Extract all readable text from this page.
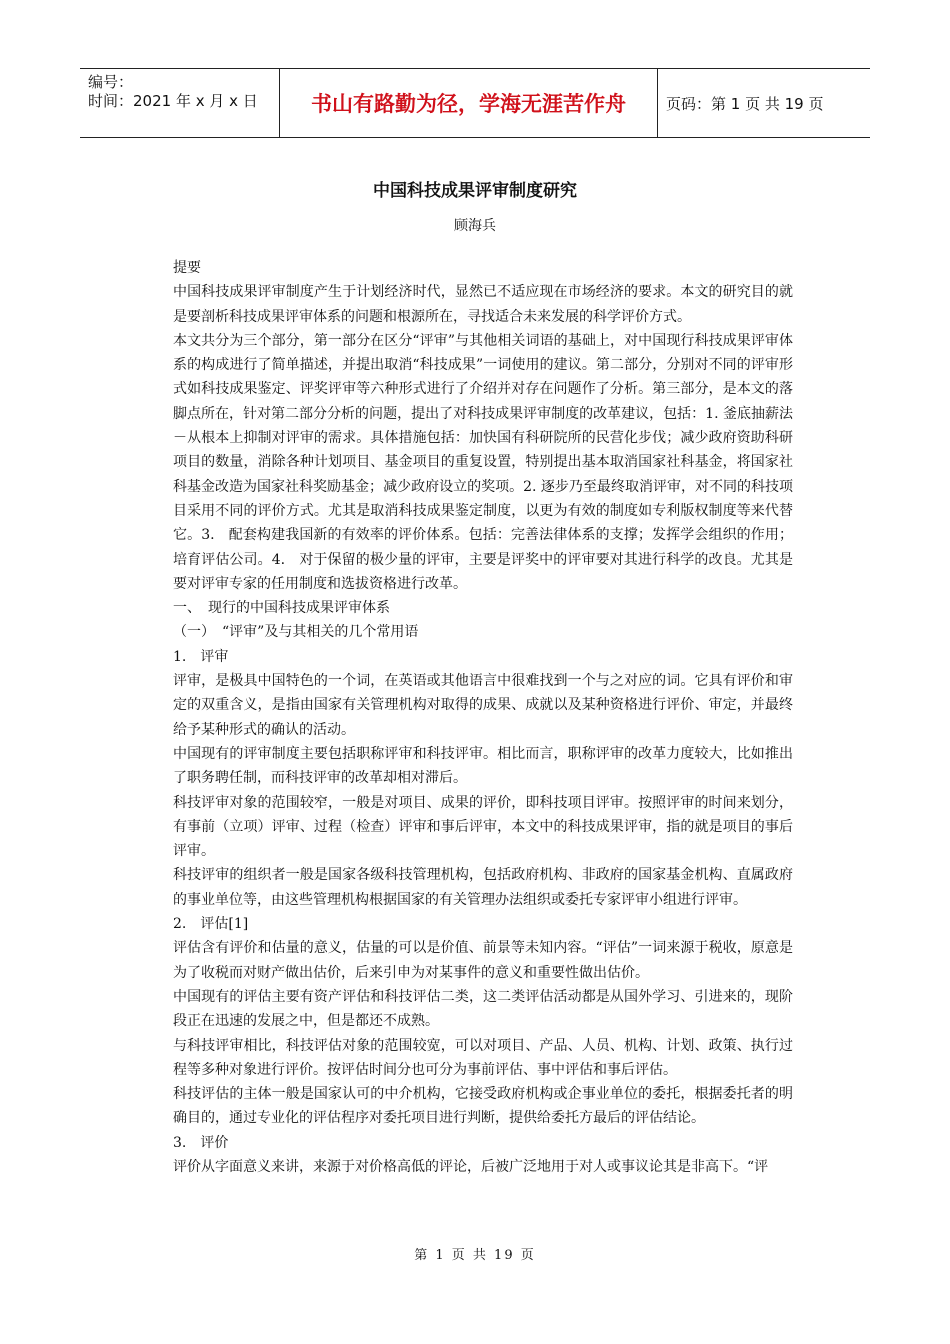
编号：
时间：2021 年 x 月 x 日	书山有路勤为径，学海无涯苦作舟	页码：第 1 页 共 19 页
中国科技成果评审制度研究
顾海兵

提要

中国科技成果评审制度产生于计划经济时代，显然已不适应现在市场经济的要求。本文的研究目的就是要剖析科技成果评审体系的问题和根源所在，寻找适合未来发展的科学评价方式。

本文共分为三个部分，第一部分在区分“评审”与其他相关词语的基础上，对中国现行科技成果评审体系的构成进行了简单描述，并提出取消“科技成果”一词使用的建议。第二部分，分别对不同的评审形式如科技成果鉴定、评奖评审等六种形式进行了介绍并对存在问题作了分析。第三部分，是本文的落脚点所在，针对第二部分分析的问题，提出了对科技成果评审制度的改革建议，包括：1. 釜底抽薪法－从根本上抑制对评审的需求。具体措施包括：加快国有科研院所的民营化步伐；减少政府资助科研项目的数量，消除各种计划项目、基金项目的重复设置，特别提出基本取消国家社科基金，将国家社科基金改造为国家社科奖励基金；减少政府设立的奖项。2. 逐步乃至最终取消评审，对不同的科技项目采用不同的评价方式。尤其是取消科技成果鉴定制度，以更为有效的制度如专利版权制度等来代替它。3.　配套构建我国新的有效率的评价体系。包括：完善法律体系的支撑；发挥学会组织的作用；培育评估公司。4.　对于保留的极少量的评审，主要是评奖中的评审要对其进行科学的改良。尤其是要对评审专家的任用制度和选拔资格进行改革。

一、　现行的中国科技成果评审体系

（一）　“评审”及与其相关的几个常用语

1.　评审

评审，是极具中国特色的一个词，在英语或其他语言中很难找到一个与之对应的词。它具有评价和审定的双重含义，是指由国家有关管理机构对取得的成果、成就以及某种资格进行评价、审定，并最终给予某种形式的确认的活动。

中国现有的评审制度主要包括职称评审和科技评审。相比而言，职称评审的改革力度较大，比如推出了职务聘任制，而科技评审的改革却相对滞后。

科技评审对象的范围较窄，一般是对项目、成果的评价，即科技项目评审。按照评审的时间来划分，有事前（立项）评审、过程（检查）评审和事后评审，本文中的科技成果评审，指的就是项目的事后评审。

科技评审的组织者一般是国家各级科技管理机构，包括政府机构、非政府的国家基金机构、直属政府的事业单位等，由这些管理机构根据国家的有关管理办法组织或委托专家评审小组进行评审。

2.　评估[1]

评估含有评价和估量的意义，估量的可以是价值、前景等未知内容。“评估”一词来源于税收，原意是为了收税而对财产做出估价，后来引申为对某事件的意义和重要性做出估价。

中国现有的评估主要有资产评估和科技评估二类，这二类评估活动都是从国外学习、引进来的，现阶段正在迅速的发展之中，但是都还不成熟。

与科技评审相比，科技评估对象的范围较宽，可以对项目、产品、人员、机构、计划、政策、执行过程等多种对象进行评价。按评估时间分也可分为事前评估、事中评估和事后评估。

科技评估的主体一般是国家认可的中介机构，它接受政府机构或企事业单位的委托，根据委托者的明确目的，通过专业化的评估程序对委托项目进行判断，提供给委托方最后的评估结论。

3.　评价

评价从字面意义来讲，来源于对价格高低的评论，后被广泛地用于对人或事议论其是非高下。“评

第 1 页 共 19 页
